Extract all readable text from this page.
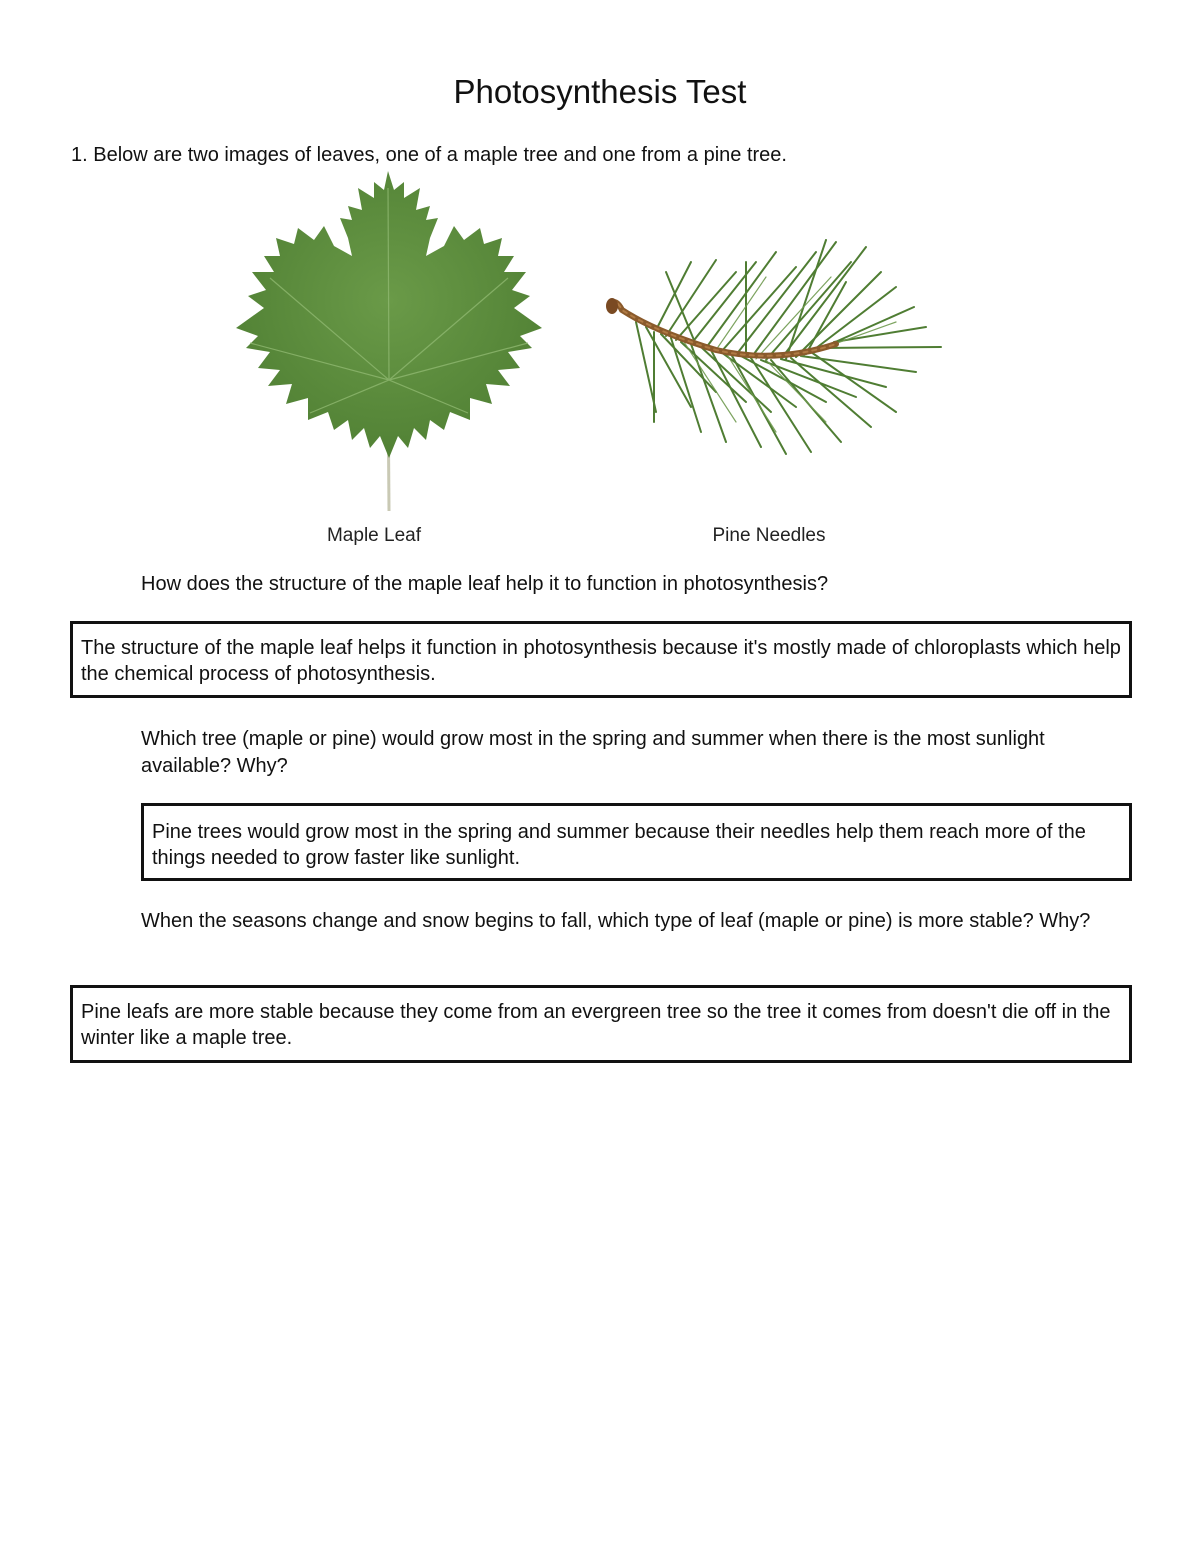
Photosynthesis Test
1. Below are two images of leaves, one of a maple tree and one from a pine tree.
Maple Leaf	Pine Needles
How does the structure of the maple leaf help it to function in photosynthesis?
The structure of the maple leaf helps it function in photosynthesis because it's mostly made of chloroplasts which help the chemical process of photosynthesis.
Which tree (maple or pine) would grow most in the spring and summer when there is the most sunlight available? Why?
Pine trees would grow most in the spring and summer because their needles help them reach more of the things needed to grow faster like sunlight.
When the seasons change and snow begins to fall, which type of leaf (maple or pine) is more stable? Why?
Pine leafs are more stable because they come from an evergreen tree so the tree it comes from doesn't die off in the winter like a maple tree.
